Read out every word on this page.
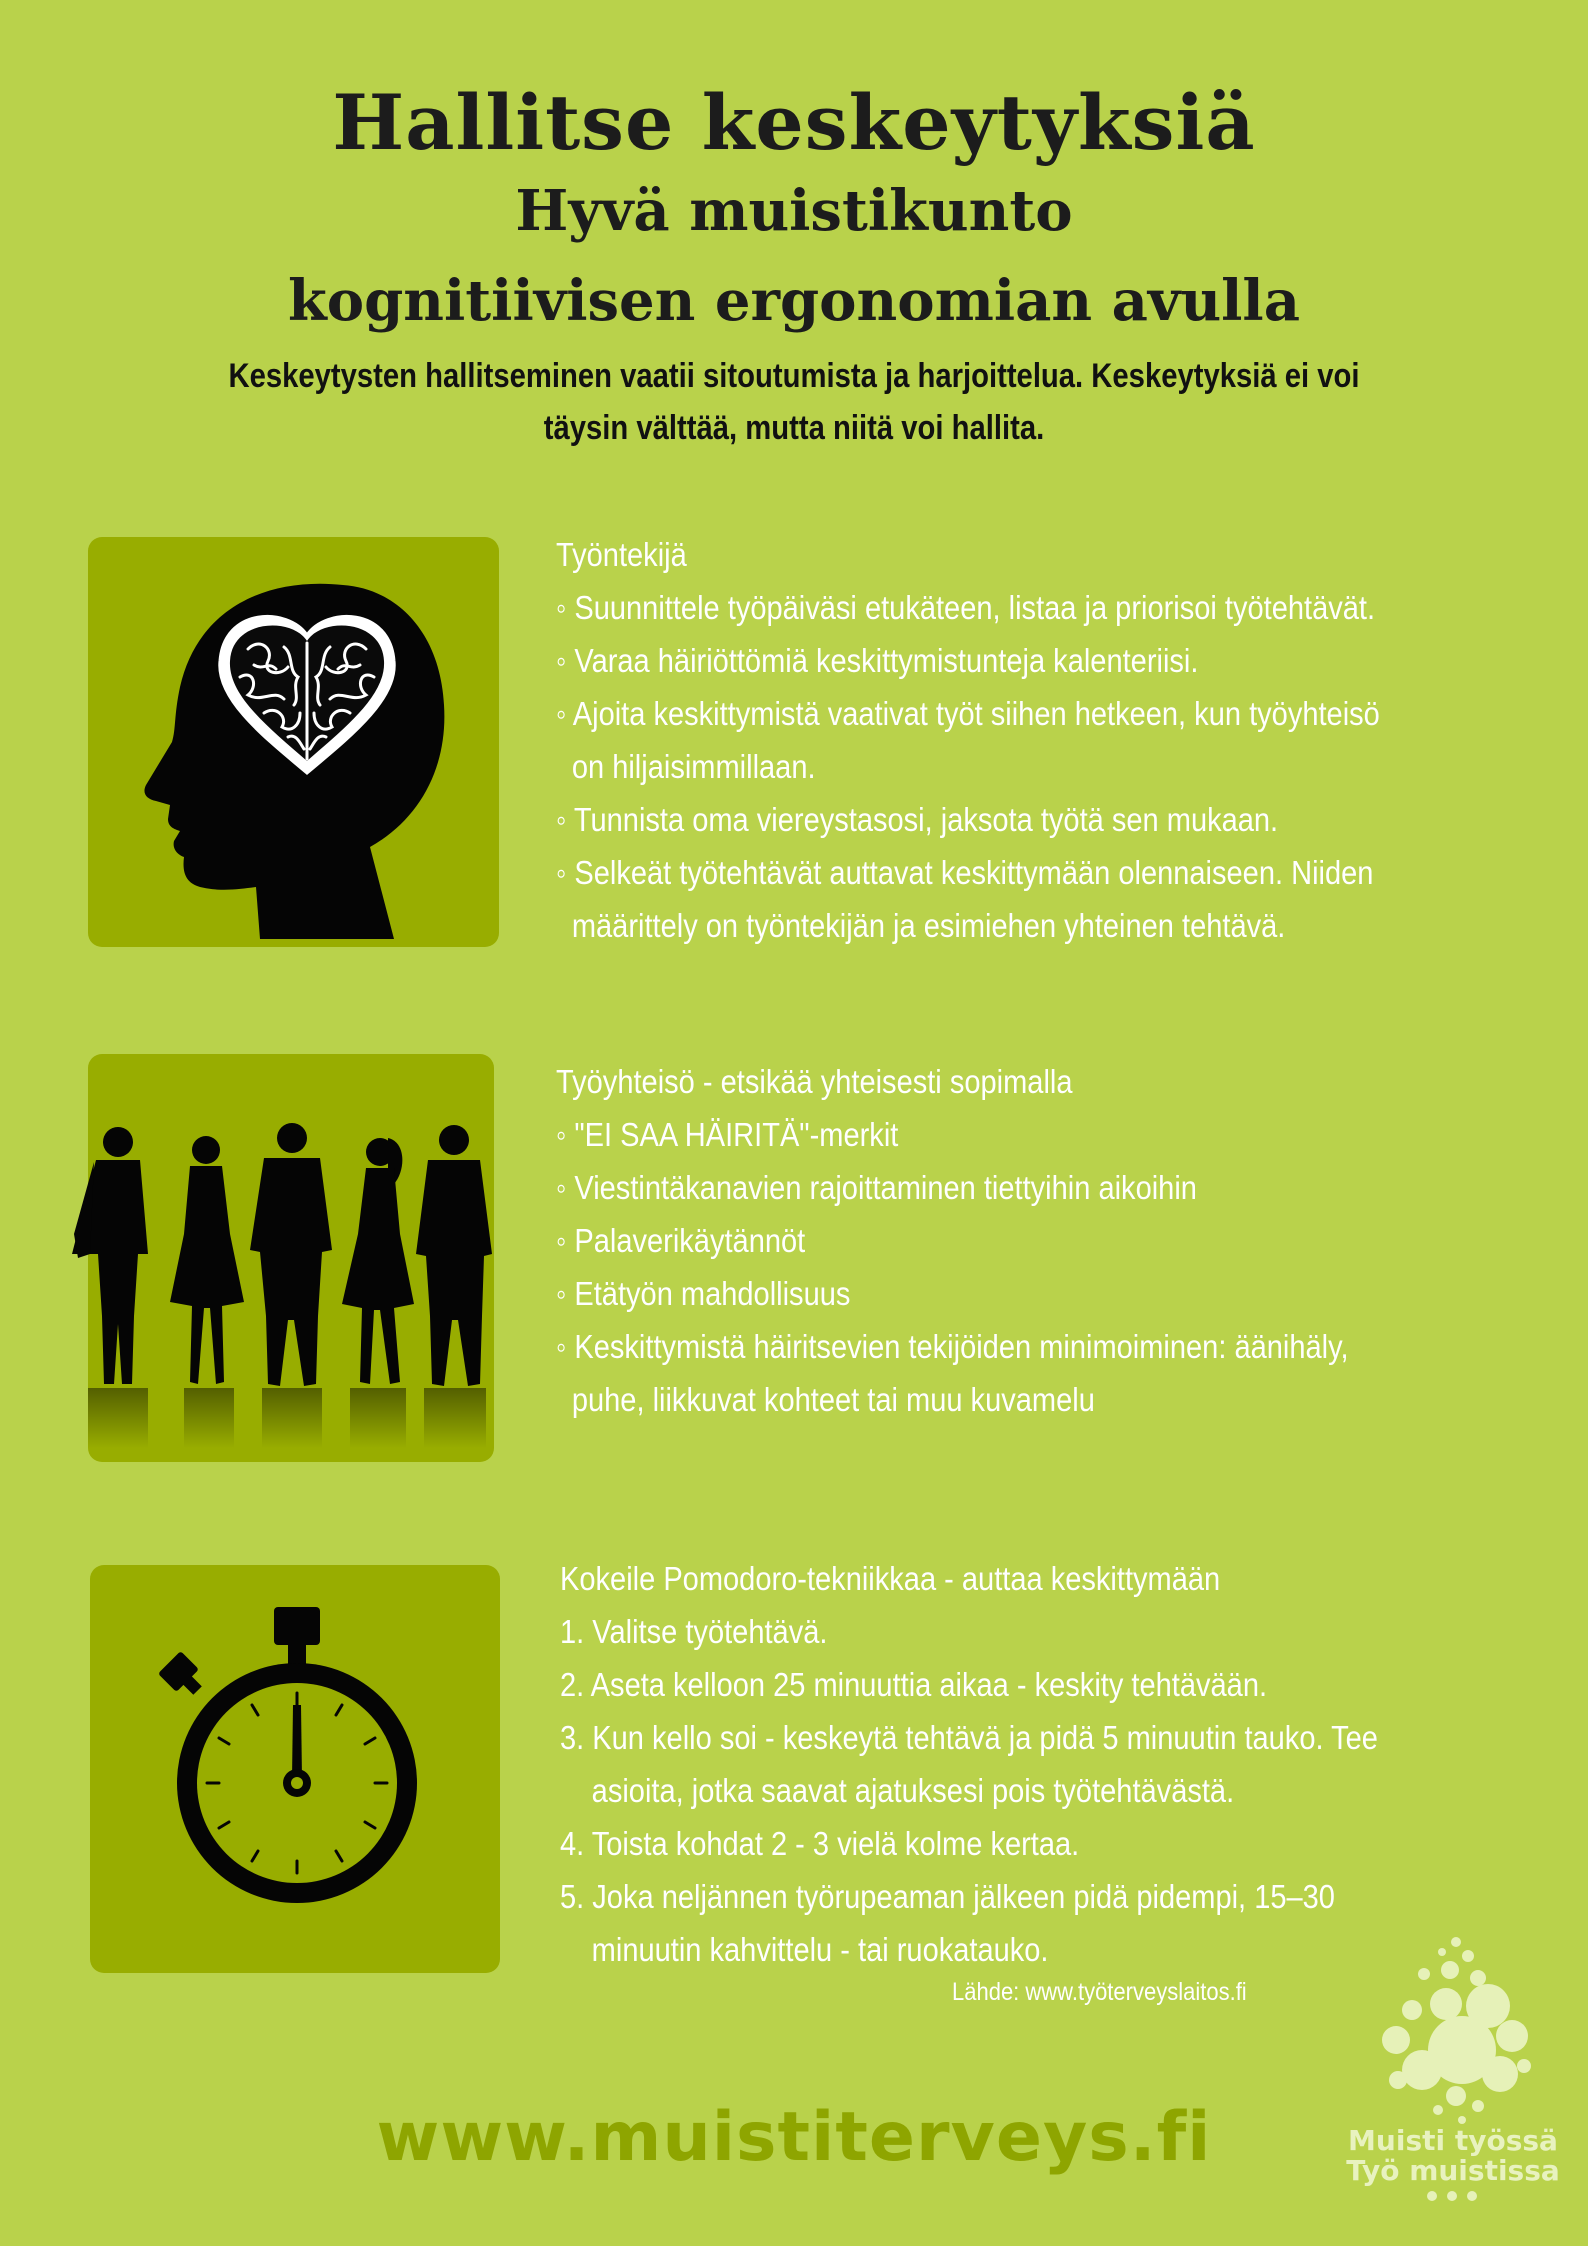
Hallitse keskeytyksiä
Hyvä muistikunto
kognitiivisen ergonomian avulla
Keskeytysten hallitseminen vaatii sitoutumista ja harjoittelua. Keskeytyksiä ei voi
täysin välttää, mutta niitä voi hallita.
Työntekijä
◦ Suunnittele työpäiväsi etukäteen, listaa ja priorisoi työtehtävät.
◦ Varaa häiriöttömiä keskittymistunteja kalenteriisi.
◦ Ajoita keskittymistä vaativat työt siihen hetkeen, kun työyhteisö
on hiljaisimmillaan.
◦ Tunnista oma viereystasosi, jaksota työtä sen mukaan.
◦ Selkeät työtehtävät auttavat keskittymään olennaiseen. Niiden
määrittely on työntekijän ja esimiehen yhteinen tehtävä.
Työyhteisö - etsikää yhteisesti sopimalla
◦ "EI SAA HÄIRITÄ"-merkit
◦ Viestintäkanavien rajoittaminen tiettyihin aikoihin
◦ Palaverikäytännöt
◦ Etätyön mahdollisuus
◦ Keskittymistä häiritsevien tekijöiden minimoiminen: äänihäly,
puhe, liikkuvat kohteet tai muu kuvamelu
Kokeile Pomodoro-tekniikkaa - auttaa keskittymään
1. Valitse työtehtävä.
2. Aseta kelloon 25 minuuttia aikaa - keskity tehtävään.
3. Kun kello soi - keskeytä tehtävä ja pidä 5 minuutin tauko. Tee
asioita, jotka saavat ajatuksesi pois työtehtävästä.
4. Toista kohdat 2 - 3 vielä kolme kertaa.
5. Joka neljännen työrupeaman jälkeen pidä pidempi, 15–30
minuutin kahvittelu - tai ruokatauko.
Lähde: www.työterveyslaitos.fi
www.muistiterveys.fi	Muisti työssä
Työ muistissa
